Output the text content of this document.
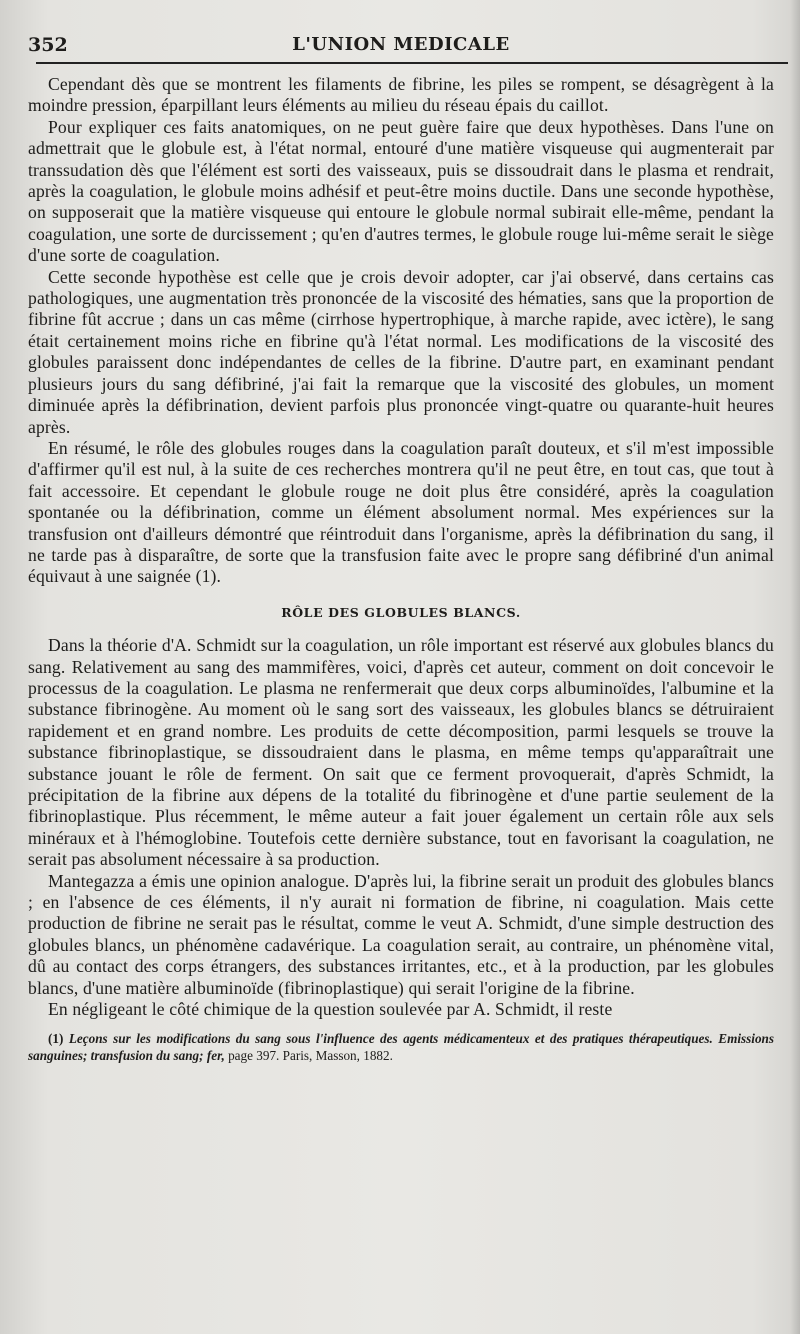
352	L'UNION MEDICALE

Cependant dès que se montrent les filaments de fibrine, les piles se rompent, se désagrègent à la moindre pression, éparpillant leurs éléments au milieu du réseau épais du caillot.

Pour expliquer ces faits anatomiques, on ne peut guère faire que deux hypothèses. Dans l'une on admettrait que le globule est, à l'état normal, entouré d'une matière visqueuse qui augmenterait par transsudation dès que l'élément est sorti des vaisseaux, puis se dissoudrait dans le plasma et rendrait, après la coagulation, le globule moins adhésif et peut-être moins ductile. Dans une seconde hypothèse, on supposerait que la matière visqueuse qui entoure le globule normal subirait elle-même, pendant la coagulation, une sorte de durcissement ; qu'en d'autres termes, le globule rouge lui-même serait le siège d'une sorte de coagulation.

Cette seconde hypothèse est celle que je crois devoir adopter, car j'ai observé, dans certains cas pathologiques, une augmentation très prononcée de la viscosité des hématies, sans que la proportion de fibrine fût accrue ; dans un cas même (cirrhose hypertrophique, à marche rapide, avec ictère), le sang était certainement moins riche en fibrine qu'à l'état normal. Les modifications de la viscosité des globules paraissent donc indépendantes de celles de la fibrine. D'autre part, en examinant pendant plusieurs jours du sang défibriné, j'ai fait la remarque que la viscosité des globules, un moment diminuée après la défibrination, devient parfois plus prononcée vingt-quatre ou quarante-huit heures après.

En résumé, le rôle des globules rouges dans la coagulation paraît douteux, et s'il m'est impossible d'affirmer qu'il est nul, à la suite de ces recherches montrera qu'il ne peut être, en tout cas, que tout à fait accessoire. Et cependant le globule rouge ne doit plus être considéré, après la coagulation spontanée ou la défibrination, comme un élément absolument normal. Mes expériences sur la transfusion ont d'ailleurs démontré que réintroduit dans l'organisme, après la défibrination du sang, il ne tarde pas à disparaître, de sorte que la transfusion faite avec le propre sang défibriné d'un animal équivaut à une saignée (1).

RÔLE DES GLOBULES BLANCS.

Dans la théorie d'A. Schmidt sur la coagulation, un rôle important est réservé aux globules blancs du sang. Relativement au sang des mammifères, voici, d'après cet auteur, comment on doit concevoir le processus de la coagulation. Le plasma ne renfermerait que deux corps albuminoïdes, l'albumine et la substance fibrinogène. Au moment où le sang sort des vaisseaux, les globules blancs se détruiraient rapidement et en grand nombre. Les produits de cette décomposition, parmi lesquels se trouve la substance fibrinoplastique, se dissoudraient dans le plasma, en même temps qu'apparaîtrait une substance jouant le rôle de ferment. On sait que ce ferment provoquerait, d'après Schmidt, la précipitation de la fibrine aux dépens de la totalité du fibrinogène et d'une partie seulement de la fibrinoplastique. Plus récemment, le même auteur a fait jouer également un certain rôle aux sels minéraux et à l'hémoglobine. Toutefois cette dernière substance, tout en favorisant la coagulation, ne serait pas absolument nécessaire à sa production.

Mantegazza a émis une opinion analogue. D'après lui, la fibrine serait un produit des globules blancs ; en l'absence de ces éléments, il n'y aurait ni formation de fibrine, ni coagulation. Mais cette production de fibrine ne serait pas le résultat, comme le veut A. Schmidt, d'une simple destruction des globules blancs, un phénomène cadavérique. La coagulation serait, au contraire, un phénomène vital, dû au contact des corps étrangers, des substances irritantes, etc., et à la production, par les globules blancs, d'une matière albuminoïde (fibrinoplastique) qui serait l'origine de la fibrine.

En négligeant le côté chimique de la question soulevée par A. Schmidt, il reste

(1) Leçons sur les modifications du sang sous l'influence des agents médicamenteux et des pratiques thérapeutiques. Emissions sanguines; transfusion du sang; fer, page 397. Paris, Masson, 1882.
